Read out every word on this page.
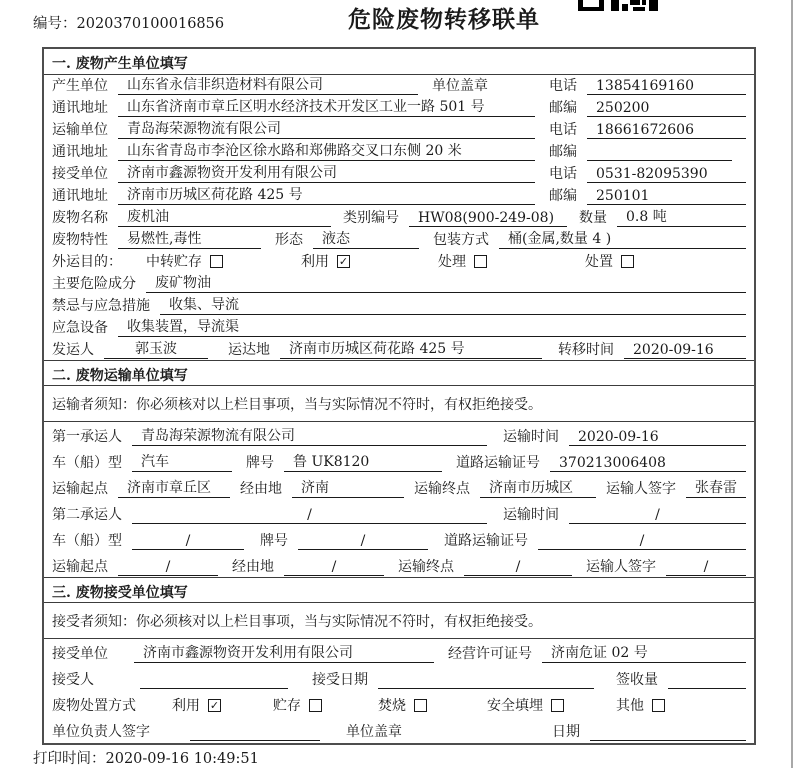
编号：2020370100016856	危险废物转移联单
一. 废物产生单位填写
产生单位	山东省永信非织造材料有限公司	单位盖章	电话	13854169160
通讯地址	山东省济南市章丘区明水经济技术开发区工业一路 501 号	邮编	250200
运输单位	青岛海荣源物流有限公司	电话	18661672606
通讯地址	山东省青岛市李沧区徐水路和郑佛路交叉口东侧 20 米	邮编
接受单位	济南市鑫源物资开发利用有限公司	电话	0531-82095390
通讯地址	济南市历城区荷花路 425 号	邮编	250101
废物名称	废机油	类别编号	HW08(900-249-08)	数量	0.8 吨
废物特性	易燃性,毒性	形态	液态	包装方式	桶(金属,数量 4 )
外运目的： 中转贮存	利用 ✓	处理	处置
主要危险成分	废矿物油
禁忌与应急措施	收集、导流
应急设备	收集装置，导流渠
发运人	郭玉波	运达地	济南市历城区荷花路 425 号	转移时间	2020-09-16
二. 废物运输单位填写
运输者须知： 你必须核对以上栏目事项，当与实际情况不符时，有权拒绝接受。
第一承运人	青岛海荣源物流有限公司	运输时间	2020-09-16
车（船）型	汽车	牌号	鲁 UK8120	道路运输证号	370213006408
运输起点	济南市章丘区	经由地	济南	运输终点	济南市历城区	运输人签字	张春雷
第二承运人	/	运输时间	/
车（船）型	/	牌号	/	道路运输证号	/
运输起点	/	经由地	/	运输终点	/	运输人签字	/
三. 废物接受单位填写
接受者须知： 你必须核对以上栏目事项，当与实际情况不符时，有权拒绝接受。
接受单位	济南市鑫源物资开发利用有限公司	经营许可证号	济南危证 02 号
接受人	接受日期	签收量
废物处置方式	利用 ✓	贮存	焚烧	安全填埋	其他
单位负责人签字	单位盖章	日期
打印时间：2020-09-16 10:49:51
